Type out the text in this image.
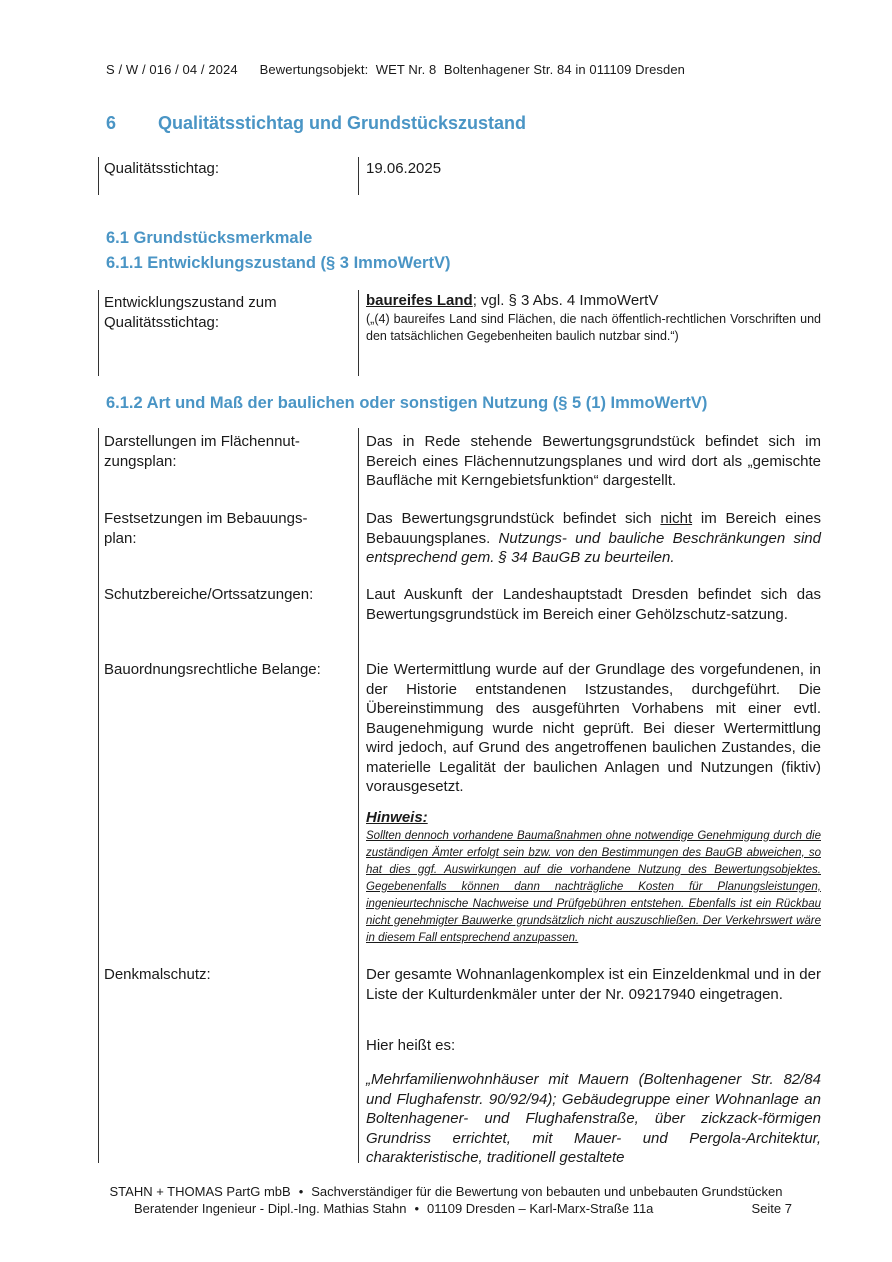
S / W / 016 / 04 / 2024 Bewertungsobjekt: WET Nr. 8 Boltenhagener Str. 84 in 011109 Dresden
6 Qualitätsstichtag und Grundstückszustand
Qualitätsstichtag:	19.06.2025
6.1 Grundstücksmerkmale
6.1.1 Entwicklungszustand (§ 3 ImmoWertV)
Entwicklungszustand zum Qualitätsstichtag:
baureifes Land; vgl. § 3 Abs. 4 ImmoWertV
(„(4) baureifes Land sind Flächen, die nach öffentlich-rechtlichen Vorschriften und den tatsächlichen Gegebenheiten baulich nutzbar sind.“)
6.1.2 Art und Maß der baulichen oder sonstigen Nutzung (§ 5 (1) ImmoWertV)
Darstellungen im Flächennut-zungsplan:
Das in Rede stehende Bewertungsgrundstück befindet sich im Bereich eines Flächennutzungsplanes und wird dort als „gemischte Baufläche mit Kerngebietsfunktion“ dargestellt.
Festsetzungen im Bebauungs-plan:
Das Bewertungsgrundstück befindet sich nicht im Bereich eines Bebauungsplanes. Nutzungs- und bauliche Beschränkungen sind entsprechend gem. § 34 BauGB zu beurteilen.
Schutzbereiche/Ortssatzungen:	Laut Auskunft der Landeshauptstadt Dresden befindet sich das Bewertungsgrundstück im Bereich einer Gehölzschutz-satzung.
Bauordnungsrechtliche Belange:	Die Wertermittlung wurde auf der Grundlage des vorgefundenen, in der Historie entstandenen Istzustandes, durchgeführt. Die Übereinstimmung des ausgeführten Vorhabens mit einer evtl. Baugenehmigung wurde nicht geprüft. Bei dieser Wertermittlung wird jedoch, auf Grund des angetroffenen baulichen Zustandes, die materielle Legalität der baulichen Anlagen und Nutzungen (fiktiv) vorausgesetzt.
Hinweis:
Sollten dennoch vorhandene Baumaßnahmen ohne notwendige Genehmigung durch die zuständigen Ämter erfolgt sein bzw. von den Bestimmungen des BauGB abweichen, so hat dies ggf. Auswirkungen auf die vorhandene Nutzung des Bewertungsobjektes. Gegebenenfalls können dann nachträgliche Kosten für Planungsleistungen, ingenieurtechnische Nachweise und Prüfgebühren entstehen. Ebenfalls ist ein Rückbau nicht genehmigter Bauwerke grundsätzlich nicht auszuschließen. Der Verkehrswert wäre in diesem Fall entsprechend anzupassen.
Denkmalschutz:	Der gesamte Wohnanlagenkomplex ist ein Einzeldenkmal und in der Liste der Kulturdenkmäler unter der Nr. 09217940 eingetragen.
Hier heißt es:
„Mehrfamilienwohnhäuser mit Mauern (Boltenhagener Str. 82/84 und Flughafenstr. 90/92/94); Gebäudegruppe einer Wohnanlage an Boltenhagener- und Flughafenstraße, über zickzack-förmigen Grundriss errichtet, mit Mauer- und Pergola-Architektur, charakteristische, traditionell gestaltete
STAHN + THOMAS PartG mbB • Sachverständiger für die Bewertung von bebauten und unbebauten Grundstücken
Beratender Ingenieur - Dipl.-Ing. Mathias Stahn • 01109 Dresden – Karl-Marx-Straße 11a	Seite 7
